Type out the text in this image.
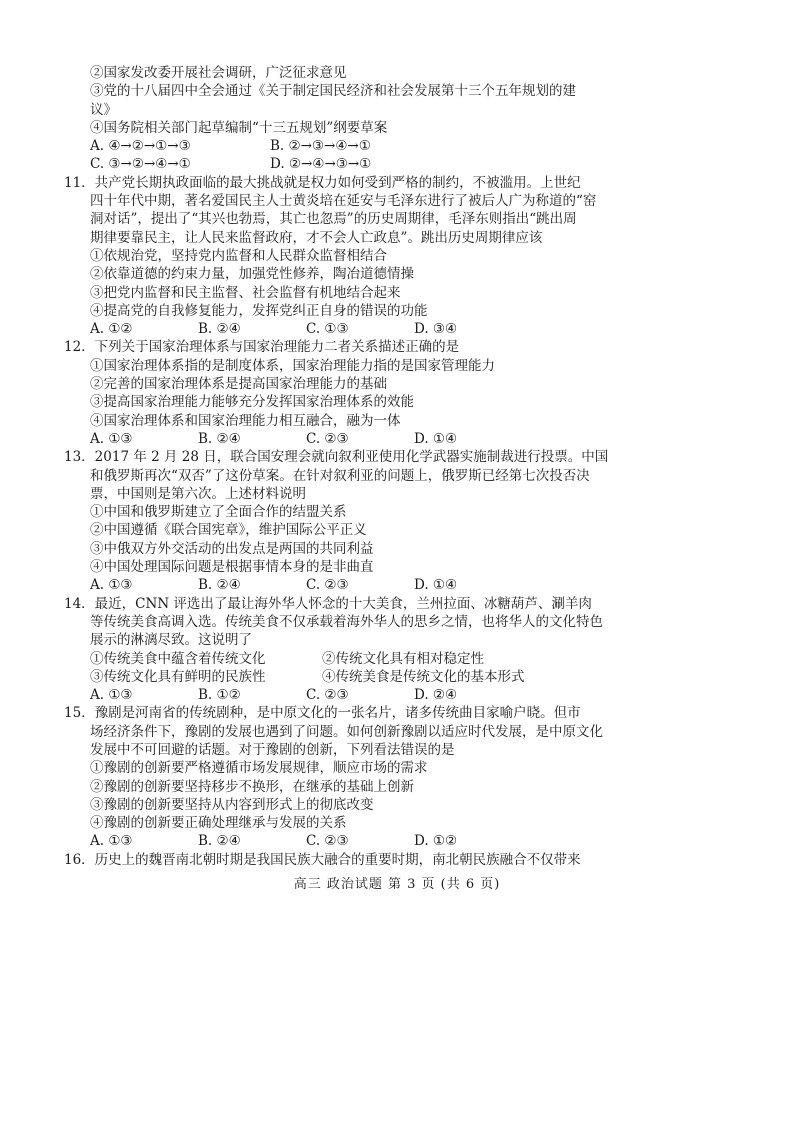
②国家发改委开展社会调研，广泛征求意见
③党的十八届四中全会通过《关于制定国民经济和社会发展第十三个五年规划的建
议》
④国务院相关部门起草编制“十三五规划”纲要草案
A. ④→②→①→③	B. ②→③→④→①
C. ③→②→④→①	D. ②→④→③→①
11．共产党长期执政面临的最大挑战就是权力如何受到严格的制约，不被滥用。上世纪
四十年代中期，著名爱国民主人士黄炎培在延安与毛泽东进行了被后人广为称道的“窑
洞对话”，提出了“其兴也勃焉，其亡也忽焉”的历史周期律，毛泽东则指出“跳出周
期律要靠民主，让人民来监督政府，才不会人亡政息”。跳出历史周期律应该
①依规治党，坚持党内监督和人民群众监督相结合
②依靠道德的约束力量，加强党性修养，陶冶道德情操
③把党内监督和民主监督、社会监督有机地结合起来
④提高党的自我修复能力，发挥党纠正自身的错误的功能
A. ①②	B. ②④	C. ①③	D. ③④
12．下列关于国家治理体系与国家治理能力二者关系描述正确的是
①国家治理体系指的是制度体系，国家治理能力指的是国家管理能力
②完善的国家治理体系是提高国家治理能力的基础
③提高国家治理能力能够充分发挥国家治理体系的效能
④国家治理体系和国家治理能力相互融合，融为一体
A. ①③	B. ②④	C. ②③	D. ①④
13．2017 年 2 月 28 日，联合国安理会就向叙利亚使用化学武器实施制裁进行投票。中国
和俄罗斯再次“双否”了这份草案。在针对叙利亚的问题上，俄罗斯已经第七次投否决
票，中国则是第六次。上述材料说明
①中国和俄罗斯建立了全面合作的结盟关系
②中国遵循《联合国宪章》，维护国际公平正义
③中俄双方外交活动的出发点是两国的共同利益
④中国处理国际问题是根据事情本身的是非曲直
A. ①③	B. ②④	C. ②③	D. ①④
14．最近，CNN 评选出了最让海外华人怀念的十大美食，兰州拉面、冰糖葫芦、涮羊肉
等传统美食高调入选。传统美食不仅承载着海外华人的思乡之情，也将华人的文化特色
展示的淋漓尽致。这说明了
①传统美食中蕴含着传统文化	②传统文化具有相对稳定性
③传统文化具有鲜明的民族性	④传统美食是传统文化的基本形式
A. ①③	B. ①②	C. ②③	D. ②④
15．豫剧是河南省的传统剧种，是中原文化的一张名片，诸多传统曲目家喻户晓。但市
场经济条件下，豫剧的发展也遇到了问题。如何创新豫剧以适应时代发展，是中原文化
发展中不可回避的话题。对于豫剧的创新，下列看法错误的是
①豫剧的创新要严格遵循市场发展规律，顺应市场的需求
②豫剧的创新要坚持移步不换形，在继承的基础上创新
③豫剧的创新要坚持从内容到形式上的彻底改变
④豫剧的创新要正确处理继承与发展的关系
A. ①③	B. ②④	C. ②③	D. ①②
16．历史上的魏晋南北朝时期是我国民族大融合的重要时期，南北朝民族融合不仅带来
高三 政治试题 第 3 页 (共 6 页)
